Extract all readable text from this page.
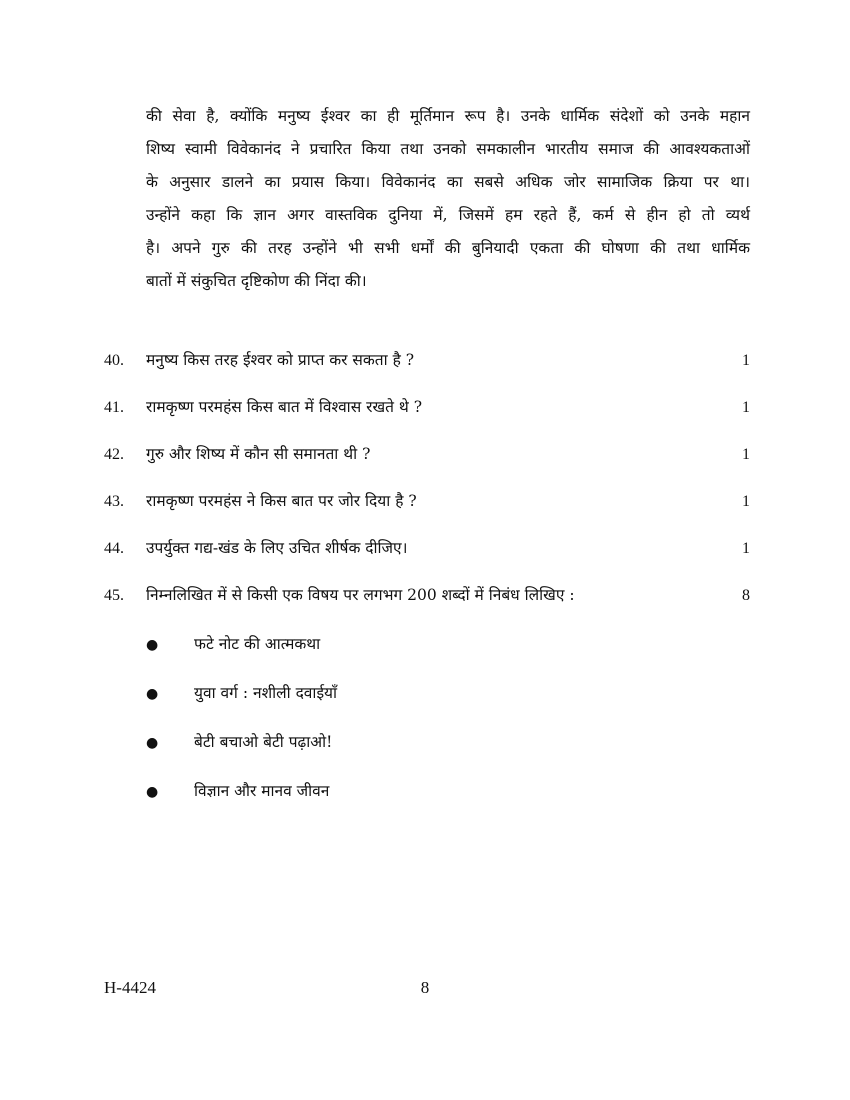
की सेवा है, क्योंकि मनुष्य ईश्वर का ही मूर्तिमान रूप है। उनके धार्मिक संदेशों को उनके महान
शिष्य स्वामी विवेकानंद ने प्रचारित किया तथा उनको समकालीन भारतीय समाज की आवश्यकताओं
के अनुसार डालने का प्रयास किया। विवेकानंद का सबसे अधिक जोर सामाजिक क्रिया पर था।
उन्होंने कहा कि ज्ञान अगर वास्तविक दुनिया में, जिसमें हम रहते हैं, कर्म से हीन हो तो व्यर्थ
है। अपने गुरु की तरह उन्होंने भी सभी धर्मों की बुनियादी एकता की घोषणा की तथा धार्मिक
बातों में संकुचित दृष्टिकोण की निंदा की।
40.	मनुष्य किस तरह ईश्वर को प्राप्त कर सकता है ?	1
41.	रामकृष्ण परमहंस किस बात में विश्वास रखते थे ?	1
42.	गुरु और शिष्य में कौन सी समानता थी ?	1
43.	रामकृष्ण परमहंस ने किस बात पर जोर दिया है ?	1
44.	उपर्युक्त गद्य-खंड के लिए उचित शीर्षक दीजिए।	1
45.	निम्नलिखित में से किसी एक विषय पर लगभग 200 शब्दों में निबंध लिखिए :	8
●	फटे नोट की आत्मकथा
●	युवा वर्ग : नशीली दवाईयाँ
●	बेटी बचाओ बेटी पढ़ाओ!
●	विज्ञान और मानव जीवन
H-4424	8
